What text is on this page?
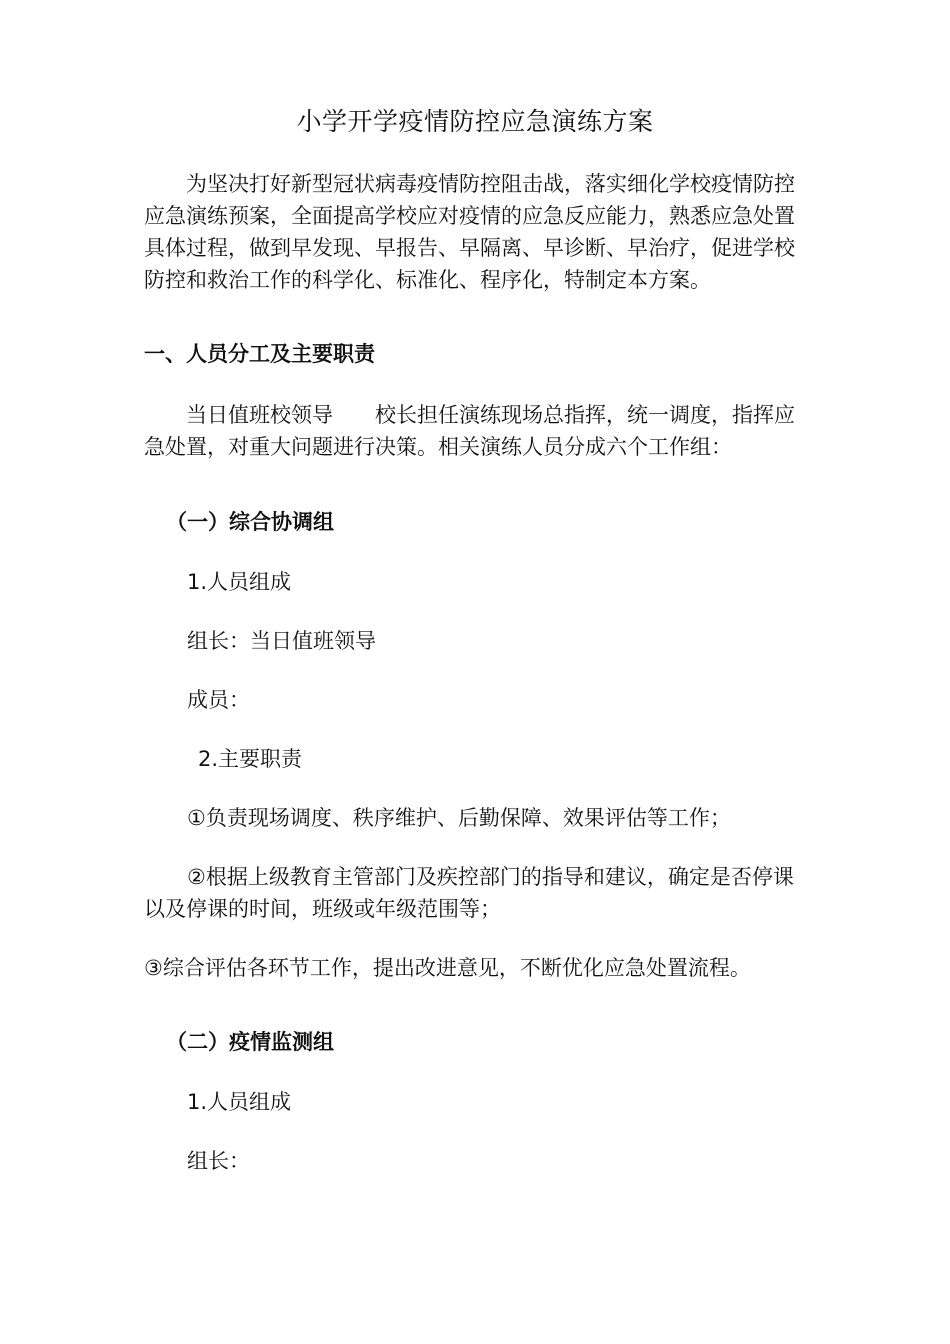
小学开学疫情防控应急演练方案
　　为坚决打好新型冠状病毒疫情防控阻击战，落实细化学校疫情防控
应急演练预案，全面提高学校应对疫情的应急反应能力，熟悉应急处置
具体过程，做到早发现、早报告、早隔离、早诊断、早治疗，促进学校
防控和救治工作的科学化、标准化、程序化，特制定本方案。
一、人员分工及主要职责
　　当日值班校领导　　校长担任演练现场总指挥，统一调度，指挥应
急处置，对重大问题进行决策。相关演练人员分成六个工作组：
（一）综合协调组
1.人员组成
组长：当日值班领导
成员：
2.主要职责
①负责现场调度、秩序维护、后勤保障、效果评估等工作；
②根据上级教育主管部门及疾控部门的指导和建议，确定是否停课
以及停课的时间，班级或年级范围等；
③综合评估各环节工作，提出改进意见，不断优化应急处置流程。
（二）疫情监测组
1.人员组成
组长：
